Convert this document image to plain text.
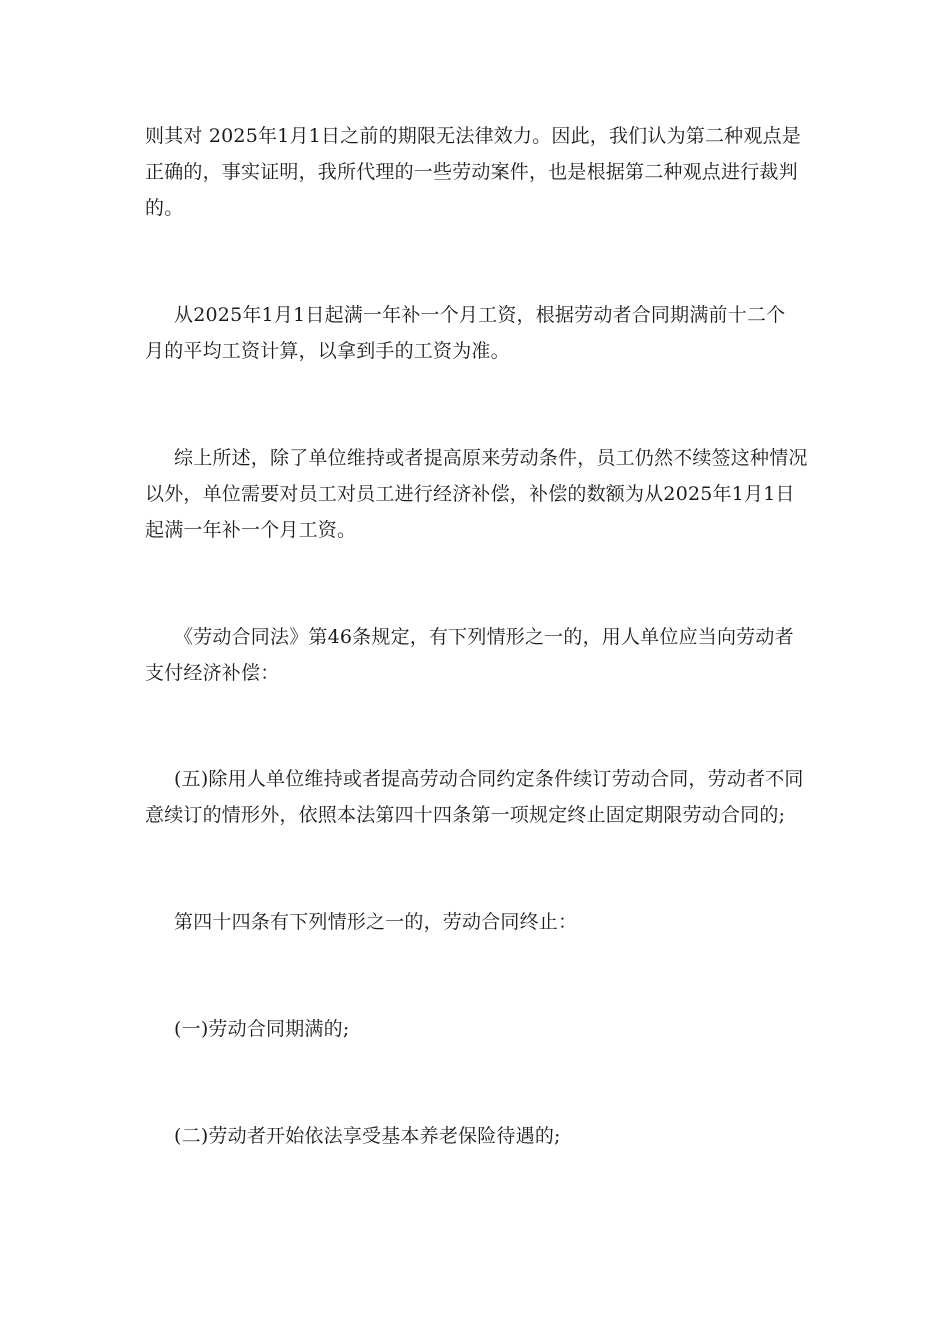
则其对 2025年1月1日之前的期限无法律效力。因此，我们认为第二种观点是
正确的，事实证明，我所代理的一些劳动案件，也是根据第二种观点进行裁判
的。
从2025年1月1日起满一年补一个月工资，根据劳动者合同期满前十二个
月的平均工资计算，以拿到手的工资为准。
综上所述，除了单位维持或者提高原来劳动条件，员工仍然不续签这种情况
以外，单位需要对员工对员工进行经济补偿，补偿的数额为从2025年1月1日
起满一年补一个月工资。
《劳动合同法》第46条规定，有下列情形之一的，用人单位应当向劳动者
支付经济补偿：
(五)除用人单位维持或者提高劳动合同约定条件续订劳动合同，劳动者不同
意续订的情形外，依照本法第四十四条第一项规定终止固定期限劳动合同的;
第四十四条有下列情形之一的，劳动合同终止：
(一)劳动合同期满的;
(二)劳动者开始依法享受基本养老保险待遇的;
